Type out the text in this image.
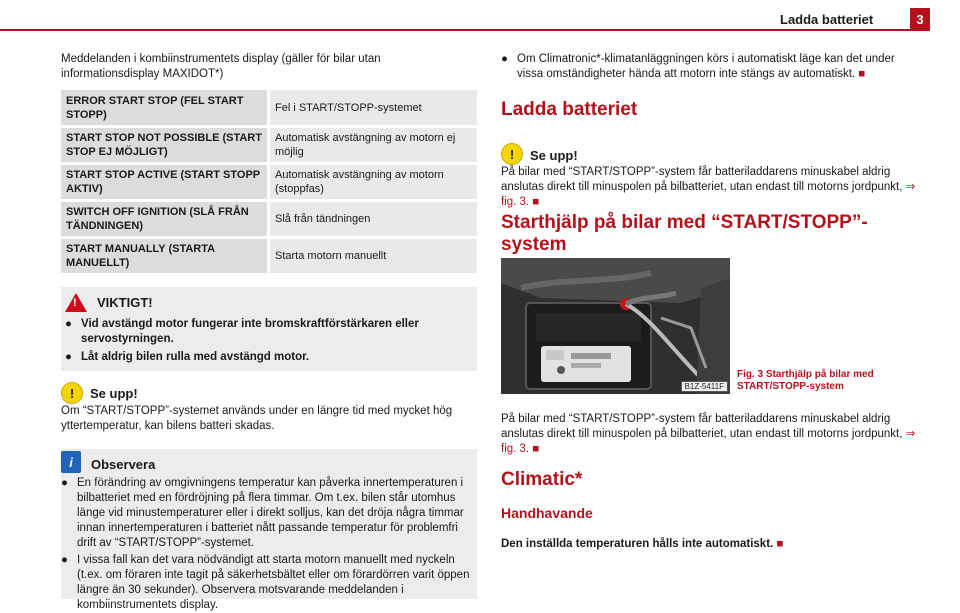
Ladda batteriet	3

Meddelanden i kombiinstrumentets display (gäller för bilar utan informationsdisplay MAXIDOT*)

ERROR START STOP (FEL START STOPP)	Fel i START/STOPP-systemet
START STOP NOT POSSIBLE (START STOP EJ MÖJLIGT)	Automatisk avstängning av motorn ej möjlig
START STOP ACTIVE (START STOPP AKTIV)	Automatisk avstängning av motorn (stoppfas)
SWITCH OFF IGNITION (SLÅ FRÅN TÄNDNINGEN)	Slå från tändningen
START MANUALLY (STARTA MANUELLT)	Starta motorn manuellt
! VIKTIGT!
● Vid avstängd motor fungerar inte bromskraftförstärkaren eller servostyrningen.
● Låt aldrig bilen rulla med avstängd motor.
!	Se upp!

Om “START/STOPP”-systemet används under en längre tid med mycket hög yttertemperatur, kan bilens batteri skadas.

i	Observera
● En förändring av omgivningens temperatur kan påverka innertemperaturen i bilbatteriet med en fördröjning på flera timmar. Om t.ex. bilen står utomhus länge vid minustemperaturer eller i direkt solljus, kan det dröja några timmar innan innertemperaturen i batteriet nått passande temperatur för problemfri drift av “START/STOPP”-systemet.
● I vissa fall kan det vara nödvändigt att starta motorn manuellt med nyckeln (t.ex. om föraren inte tagit på säkerhetsbältet eller om förardörren varit öppen längre än 30 sekunder). Observera motsvarande meddelanden i kombiinstrumentets display.
● Om Climatronic*-klimatanläggningen körs i automatiskt läge kan det under vissa omständigheter hända att motorn inte stängs av automatiskt. ■
Ladda batteriet
!	Se upp!

På bilar med “START/STOPP”-system får batteriladdarens minuskabel aldrig anslutas direkt till minuspolen på bilbatteriet, utan endast till motorns jordpunkt, ⇒ fig. 3. ■

Starthjälp på bilar med “START/STOPP”-system
B1Z-5411F

Fig. 3 Starthjälp på bilar med START/STOPP-system

På bilar med “START/STOPP”-system får batteriladdarens minuskabel aldrig anslutas direkt till minuspolen på bilbatteriet, utan endast till motorns jordpunkt, ⇒ fig. 3. ■

Climatic*
Handhavande

Den inställda temperaturen hålls inte automatiskt. ■
